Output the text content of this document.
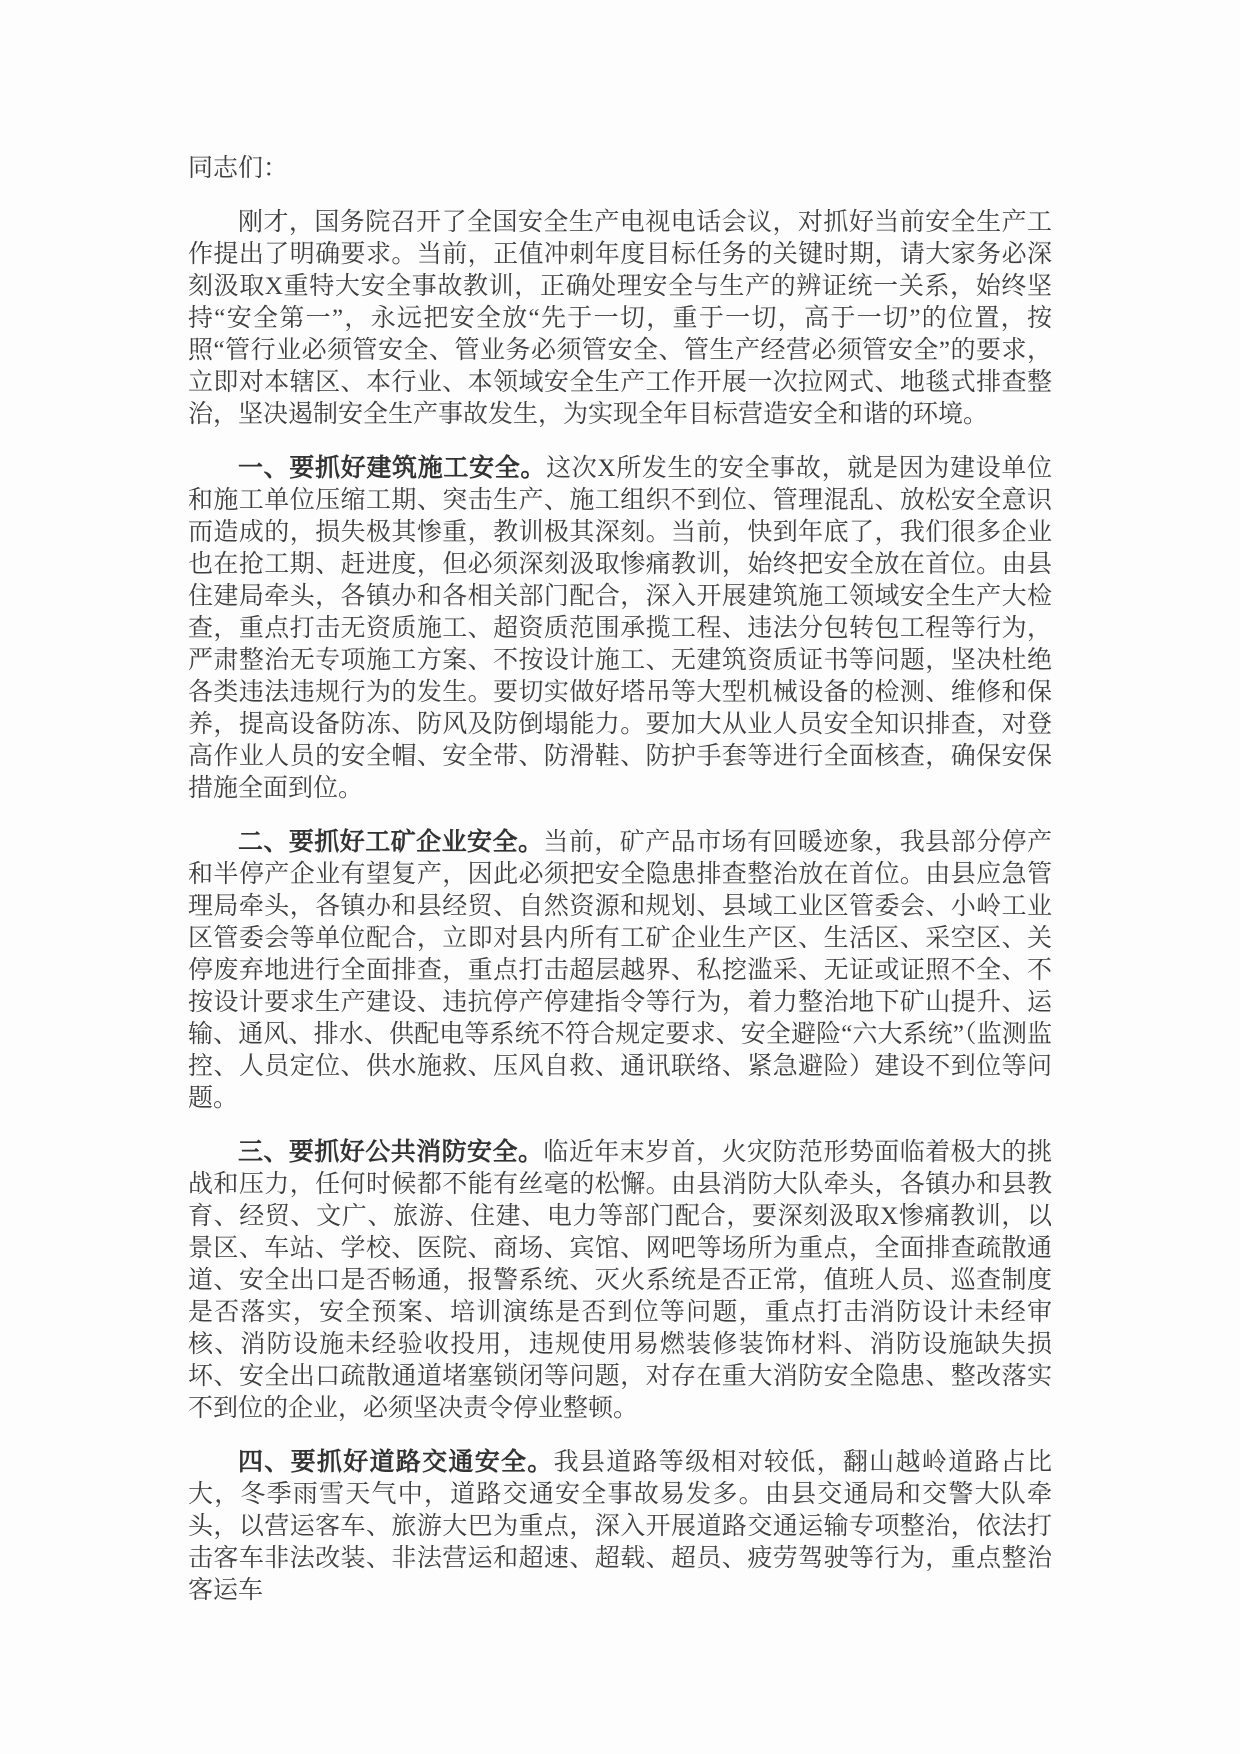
同志们：

刚才，国务院召开了全国安全生产电视电话会议，对抓好当前安全生产工作提出了明确要求。当前，正值冲刺年度目标任务的关键时期，请大家务必深刻汲取X重特大安全事故教训，正确处理安全与生产的辨证统一关系，始终坚持“安全第一”，永远把安全放“先于一切，重于一切，高于一切”的位置，按照“管行业必须管安全、管业务必须管安全、管生产经营必须管安全”的要求，立即对本辖区、本行业、本领域安全生产工作开展一次拉网式、地毯式排查整治，坚决遏制安全生产事故发生，为实现全年目标营造安全和谐的环境。

一、要抓好建筑施工安全。这次X所发生的安全事故，就是因为建设单位和施工单位压缩工期、突击生产、施工组织不到位、管理混乱、放松安全意识而造成的，损失极其惨重，教训极其深刻。当前，快到年底了，我们很多企业也在抢工期、赶进度，但必须深刻汲取惨痛教训，始终把安全放在首位。由县住建局牵头，各镇办和各相关部门配合，深入开展建筑施工领域安全生产大检查，重点打击无资质施工、超资质范围承揽工程、违法分包转包工程等行为，严肃整治无专项施工方案、不按设计施工、无建筑资质证书等问题，坚决杜绝各类违法违规行为的发生。要切实做好塔吊等大型机械设备的检测、维修和保养，提高设备防冻、防风及防倒塌能力。要加大从业人员安全知识排查，对登高作业人员的安全帽、安全带、防滑鞋、防护手套等进行全面核查，确保安保措施全面到位。

二、要抓好工矿企业安全。当前，矿产品市场有回暖迹象，我县部分停产和半停产企业有望复产，因此必须把安全隐患排查整治放在首位。由县应急管理局牵头，各镇办和县经贸、自然资源和规划、县域工业区管委会、小岭工业区管委会等单位配合，立即对县内所有工矿企业生产区、生活区、采空区、关停废弃地进行全面排查，重点打击超层越界、私挖滥采、无证或证照不全、不按设计要求生产建设、违抗停产停建指令等行为，着力整治地下矿山提升、运输、通风、排水、供配电等系统不符合规定要求、安全避险“六大系统”（监测监控、人员定位、供水施救、压风自救、通讯联络、紧急避险）建设不到位等问题。

三、要抓好公共消防安全。临近年末岁首，火灾防范形势面临着极大的挑战和压力，任何时候都不能有丝毫的松懈。由县消防大队牵头，各镇办和县教育、经贸、文广、旅游、住建、电力等部门配合，要深刻汲取X惨痛教训，以景区、车站、学校、医院、商场、宾馆、网吧等场所为重点，全面排查疏散通道、安全出口是否畅通，报警系统、灭火系统是否正常，值班人员、巡查制度是否落实，安全预案、培训演练是否到位等问题，重点打击消防设计未经审核、消防设施未经验收投用，违规使用易燃装修装饰材料、消防设施缺失损坏、安全出口疏散通道堵塞锁闭等问题，对存在重大消防安全隐患、整改落实不到位的企业，必须坚决责令停业整顿。

四、要抓好道路交通安全。我县道路等级相对较低，翻山越岭道路占比大，冬季雨雪天气中，道路交通安全事故易发多。由县交通局和交警大队牵头，以营运客车、旅游大巴为重点，深入开展道路交通运输专项整治，依法打击客车非法改装、非法营运和超速、超载、超员、疲劳驾驶等行为，重点整治客运车
